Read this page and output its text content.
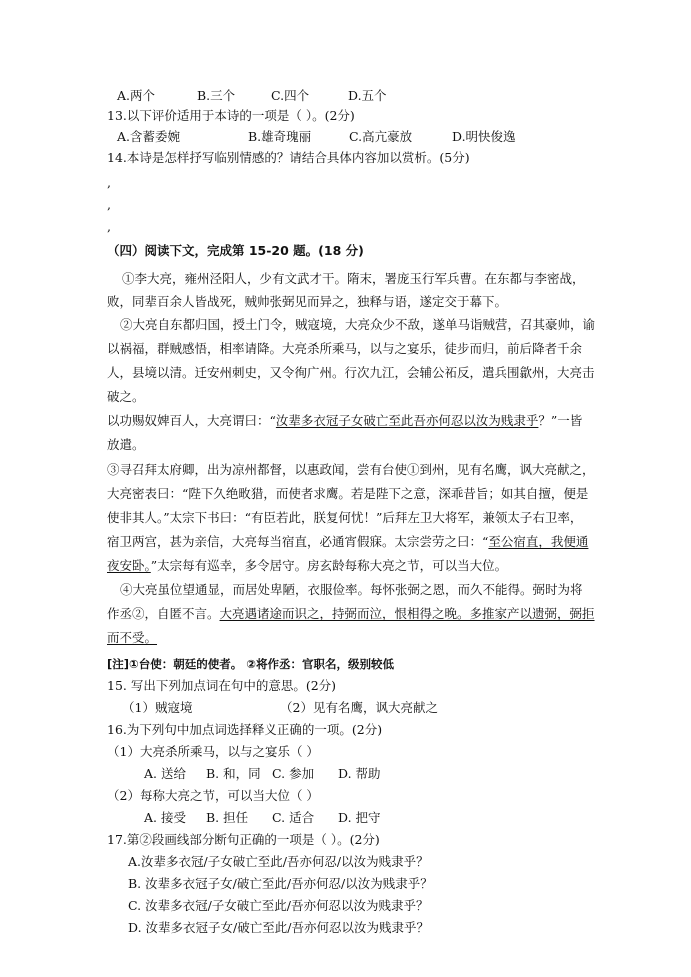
A.两个	B.三个	C.四个	D.五个
13.以下评价适用于本诗的一项是（ ）。(2分)
A.含蓄委婉	B.雄奇瑰丽	C.高亢豪放	D.明快俊逸
14.本诗是怎样抒写临别情感的？请结合具体内容加以赏析。(5分)
,
,
,
（四）阅读下文，完成第 15-20 题。(18 分)
①李大亮，雍州泾阳人，少有文武才干。隋末，署庞玉行军兵曹。在东都与李密战，
败，同辈百余人皆战死，贼帅张弼见而异之，独释与语，遂定交于幕下。
②大亮自东都归国，授土门令，贼寇境，大亮众少不敌，遂单马诣贼营，召其豪帅，谕
以祸福，群贼感悟，相率请降。大亮杀所乘马，以与之宴乐，徒步而归，前后降者千余
人，县境以清。迁安州刺史，又令徇广州。行次九江，会辅公祏反，遣兵围歙州，大亮击
破之。
以功赐奴婢百人，大亮谓曰：“汝辈多衣冠子女破亡至此吾亦何忍以汝为贱隶乎？”一皆
放遣。
③寻召拜太府卿，出为凉州都督，以惠政闻，尝有台使①到州，见有名鹰，讽大亮献之，
大亮密表曰：“陛下久绝畋猎，而使者求鹰。若是陛下之意，深乖昔旨；如其自擅，便是
使非其人。”太宗下书曰：“有臣若此，朕复何忧！”后拜左卫大将军，兼领太子右卫率，
宿卫两宫，甚为亲信，大亮每当宿直，必通宵假寐。太宗尝劳之曰：“至公宿直，我便通
夜安卧。”太宗每有巡幸，多令居守。房玄龄每称大亮之节，可以当大位。
④大亮虽位望通显，而居处卑陋，衣服俭率。每怀张弼之恩，而久不能得。弼时为将
作丞②，自匿不言。大亮遇诸途而识之，持弼而泣，恨相得之晚。多推家产以遗弼，弼拒
而不受。
[注]①台使：朝廷的使者。 ②将作丞：官职名，级别较低
15. 写出下列加点词在句中的意思。(2分)
（1）贼寇境	（2）见有名鹰，讽大亮献之
16.为下列句中加点词选择释义正确的一项。(2分)
（1）大亮杀所乘马，以与之宴乐（ ）
A. 送给 B. 和，同 C. 参加 D. 帮助
（2）每称大亮之节，可以当大位（ ）
A. 接受 B. 担任 C. 适合 D. 把守
17.第②段画线部分断句正确的一项是（ ）。(2分)
A.汝辈多衣冠/子女破亡至此/吾亦何忍/以汝为贱隶乎？
B. 汝辈多衣冠子女/破亡至此/吾亦何忍/以汝为贱隶乎？
C. 汝辈多衣冠/子女破亡至此/吾亦何忍以汝为贱隶乎？
D. 汝辈多衣冠子女/破亡至此/吾亦何忍以汝为贱隶乎？
